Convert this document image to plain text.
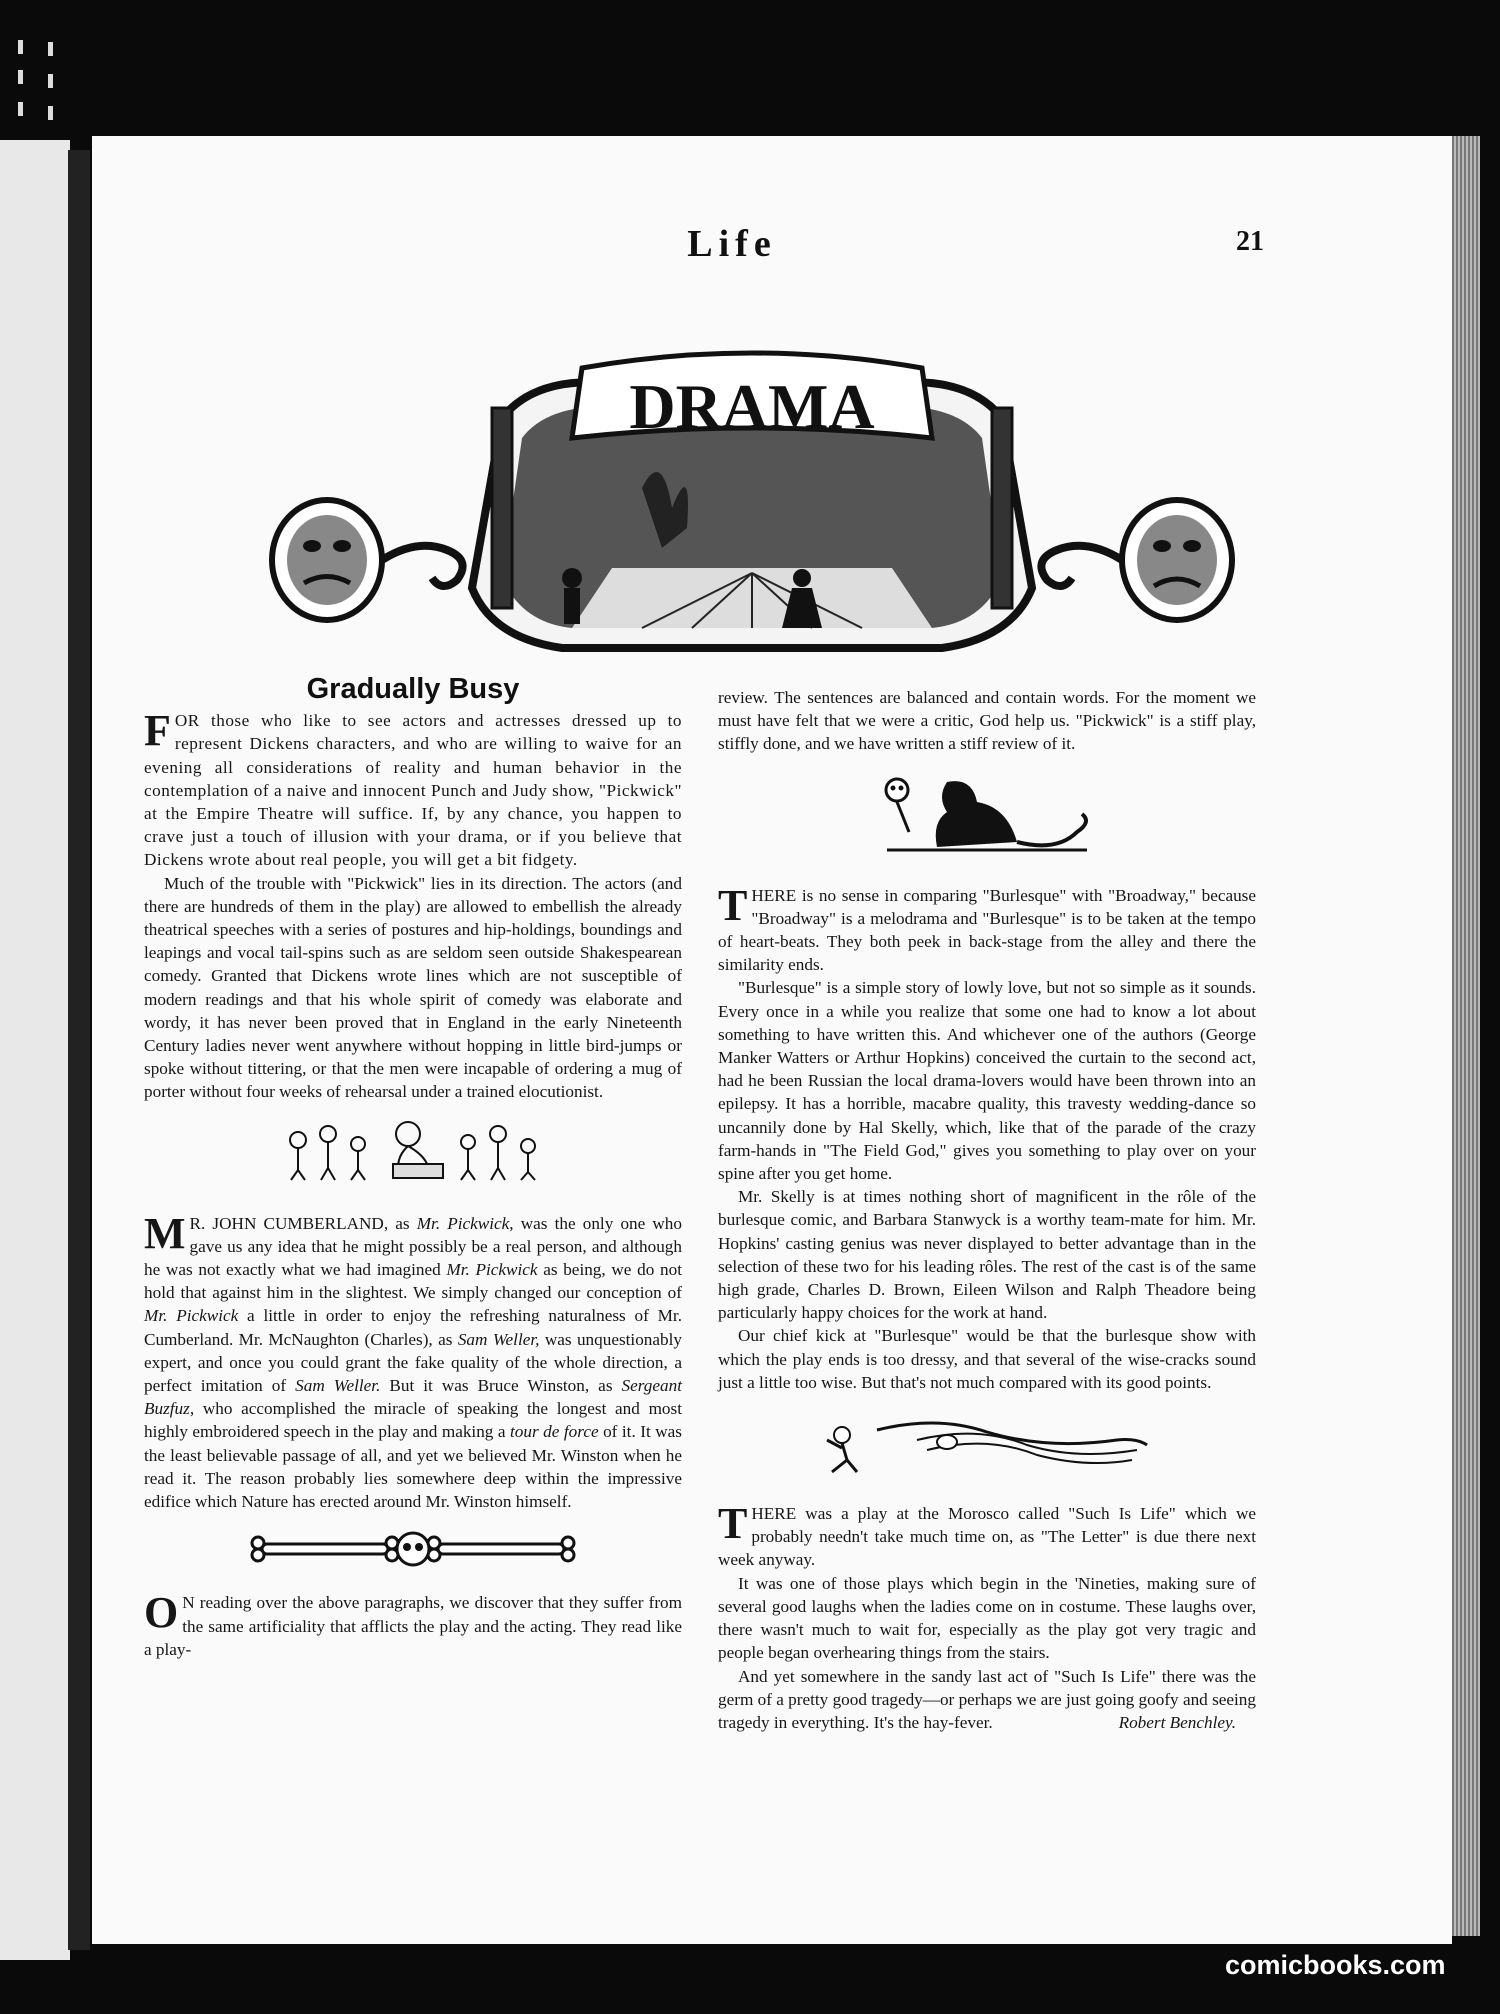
Life	21
DRAMA

Gradually Busy

FOR those who like to see actors and actresses dressed up to represent Dickens characters, and who are willing to waive for an evening all considerations of reality and human behavior in the contemplation of a naive and innocent Punch and Judy show, "Pickwick" at the Empire Theatre will suffice. If, by any chance, you happen to crave just a touch of illusion with your drama, or if you believe that Dickens wrote about real people, you will get a bit fidgety.

Much of the trouble with "Pickwick" lies in its direction. The actors (and there are hundreds of them in the play) are allowed to embellish the already theatrical speeches with a series of postures and hip-holdings, boundings and leapings and vocal tail-spins such as are seldom seen outside Shakespearean comedy. Granted that Dickens wrote lines which are not susceptible of modern readings and that his whole spirit of comedy was elaborate and wordy, it has never been proved that in England in the early Nineteenth Century ladies never went anywhere without hopping in little bird-jumps or spoke without tittering, or that the men were incapable of ordering a mug of porter without four weeks of rehearsal under a trained elocutionist.

M R. JOHN CUMBERLAND, as Mr. Pickwick, was the only one who gave us any idea that he might possibly be a real person, and although he was not exactly what we had imagined Mr. Pickwick as being, we do not hold that against him in the slightest. We simply changed our conception of Mr. Pickwick a little in order to enjoy the refreshing naturalness of Mr. Cumberland. Mr. McNaughton (Charles), as Sam Weller, was unquestionably expert, and once you could grant the fake quality of the whole direction, a perfect imitation of Sam Weller. But it was Bruce Winston, as Sergeant Buzfuz, who accomplished the miracle of speaking the longest and most highly embroidered speech in the play and making a tour de force of it. It was the least believable passage of all, and yet we believed Mr. Winston when he read it. The reason probably lies somewhere deep within the impressive edifice which Nature has erected around Mr. Winston himself.

O N reading over the above paragraphs, we discover that they suffer from the same artificiality that afflicts the play and the acting. They read like a play-

review. The sentences are balanced and contain words. For the moment we must have felt that we were a critic, God help us. "Pickwick" is a stiff play, stiffly done, and we have written a stiff review of it.

THERE is no sense in comparing "Burlesque" with "Broadway," because "Broadway" is a melodrama and "Burlesque" is to be taken at the tempo of heart-beats. They both peek in back-stage from the alley and there the similarity ends.

"Burlesque" is a simple story of lowly love, but not so simple as it sounds. Every once in a while you realize that some one had to know a lot about something to have written this. And whichever one of the authors (George Manker Watters or Arthur Hopkins) conceived the curtain to the second act, had he been Russian the local drama-lovers would have been thrown into an epilepsy. It has a horrible, macabre quality, this travesty wedding-dance so uncannily done by Hal Skelly, which, like that of the parade of the crazy farm-hands in "The Field God," gives you something to play over on your spine after you get home.

Mr. Skelly is at times nothing short of magnificent in the rôle of the burlesque comic, and Barbara Stanwyck is a worthy team-mate for him. Mr. Hopkins' casting genius was never displayed to better advantage than in the selection of these two for his leading rôles. The rest of the cast is of the same high grade, Charles D. Brown, Eileen Wilson and Ralph Theadore being particularly happy choices for the work at hand.

Our chief kick at "Burlesque" would be that the burlesque show with which the play ends is too dressy, and that several of the wise-cracks sound just a little too wise. But that's not much compared with its good points.

THERE was a play at the Morosco called "Such Is Life" which we probably needn't take much time on, as "The Letter" is due there next week anyway.

It was one of those plays which begin in the 'Nineties, making sure of several good laughs when the ladies come on in costume. These laughs over, there wasn't much to wait for, especially as the play got very tragic and people began overhearing things from the stairs.

And yet somewhere in the sandy last act of "Such Is Life" there was the germ of a pretty good tragedy—or perhaps we are just going goofy and seeing tragedy in everything. It's the hay-fever.	Robert Benchley.
comicbooks.com
